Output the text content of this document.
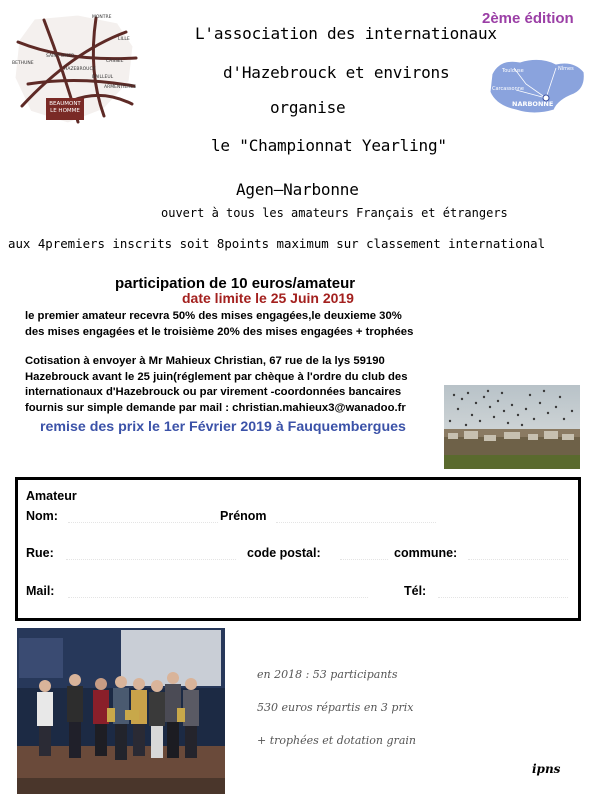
MONTRE
SAINT-OMER
HAZEBROUCK
CASSEL
ARMENTIERES
BAILLEUL
BETHUNE
LILLE
BEAUMONT LE HOMME
2ème édition
L'association des internationaux
d'Hazebrouck et environs
organise
le "Championnat Yearling"
Agen–Narbonne
ouvert à tous les amateurs Français et étrangers
aux 4premiers inscrits soit 8points maximum sur classement international
Toulouse	Nîmes
Carcassonne
NARBONNE
participation de 10 euros/amateur
date limite le 25 Juin 2019
le premier amateur recevra 50% des mises engagées,le deuxieme 30%
des mises engagées et le troisième 20% des mises engagées + trophées
Cotisation à envoyer à Mr Mahieux Christian, 67 rue de la lys 59190
Hazebrouck avant le 25 juin(réglement par chèque à l'ordre du club des
internationaux d'Hazebrouck ou par virement -coordonnées bancaires
fournis sur simple demande par mail : christian.mahieux3@wanadoo.fr
remise des prix le 1er Février 2019 à Fauquembergues
Amateur
Nom:	Prénom
Rue:	code postal:	commune:
Mail:	Tél:
en 2018 : 53 participants
530 euros répartis en 3 prix
+ trophées et dotation grain
ipns
